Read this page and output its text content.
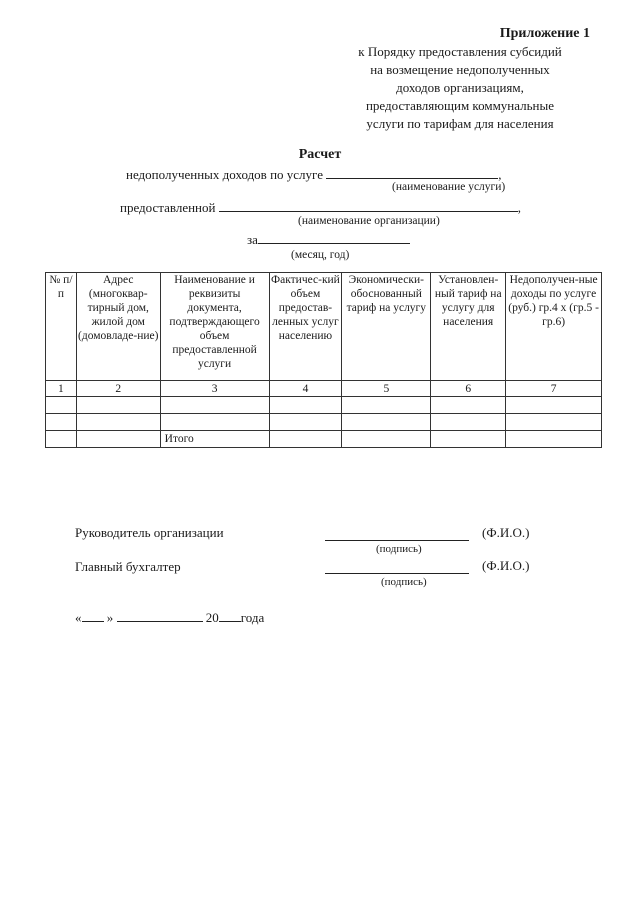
Приложение 1
к Порядку предоставления субсидий
на возмещение недополученных
доходов организациям,
предоставляющим коммунальные
услуги по тарифам для населения
Расчет
недополученных доходов по услуге	,
(наименование услуги)
предоставленной	,
(наименование организации)
за
(месяц, год)
№ п/п	Адрес (многоквар-тирный дом, жилой дом (домовладе-ние)	Наименование и реквизиты документа, подтверждающего объем предоставленной услуги	Фактичес-кий объем предостав-ленных услуг населению	Экономически-обоснованный тариф на услугу	Установлен-ный тариф на услугу для населения	Недополучен-ные доходы по услуге (руб.) гр.4 х (гр.5 - гр.6)
1	2	3	4	5	6	7

		Итого				
Руководитель организации	(Ф.И.О.)
(подпись)
Главный бухгалтер	(Ф.И.О.)
(подпись)
« »	20 года
